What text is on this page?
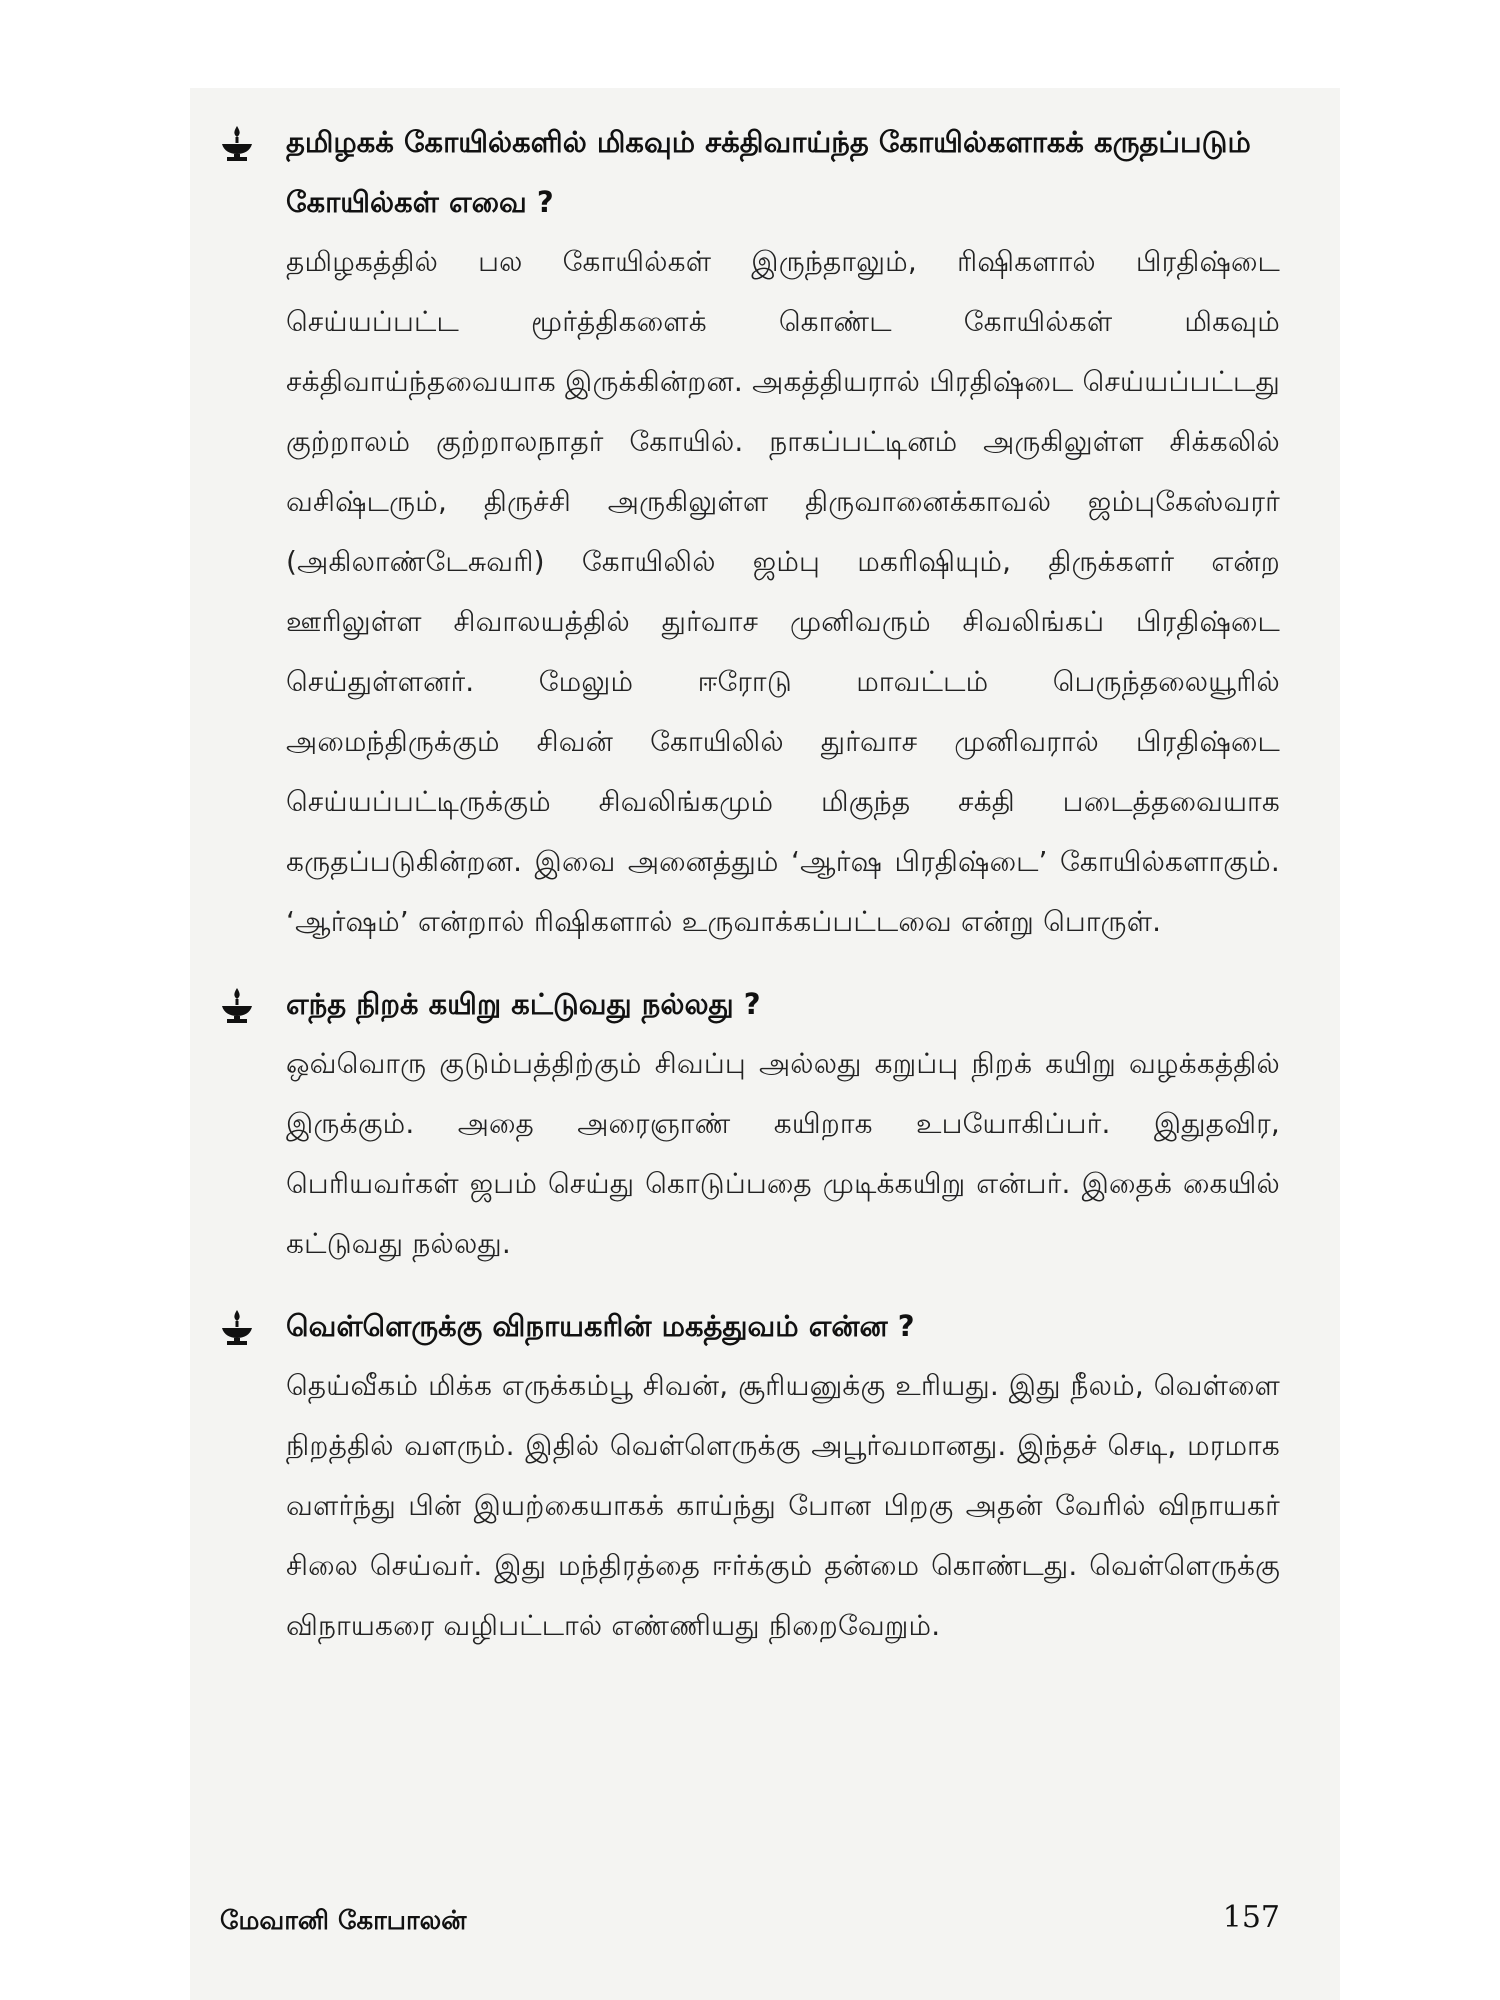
தமிழகக் கோயில்களில் மிகவும் சக்திவாய்ந்த கோயில்களாகக் கருதப்படும் கோயில்கள் எவை ?

தமிழகத்தில் பல கோயில்கள் இருந்தாலும், ரிஷிகளால் பிரதிஷ்டை செய்யப்பட்ட மூர்த்திகளைக் கொண்ட கோயில்கள் மிகவும் சக்திவாய்ந்தவையாக இருக்கின்றன. அகத்தியரால் பிரதிஷ்டை செய்யப்பட்டது குற்றாலம் குற்றாலநாதர் கோயில். நாகப்பட்டினம் அருகிலுள்ள சிக்கலில் வசிஷ்டரும், திருச்சி அருகிலுள்ள திருவானைக்காவல் ஜம்புகேஸ்வரர் (அகிலாண்டேசுவரி) கோயிலில் ஜம்பு மகரிஷியும், திருக்களர் என்ற ஊரிலுள்ள சிவாலயத்தில் துர்வாச முனிவரும் சிவலிங்கப் பிரதிஷ்டை செய்துள்ளனர். மேலும் ஈரோடு மாவட்டம் பெருந்தலையூரில் அமைந்திருக்கும் சிவன் கோயிலில் துர்வாச முனிவரால் பிரதிஷ்டை செய்யப்பட்டிருக்கும் சிவலிங்கமும் மிகுந்த சக்தி படைத்தவையாக கருதப்படுகின்றன. இவை அனைத்தும் ‘ஆர்ஷ பிரதிஷ்டை’ கோயில்களாகும். ‘ஆர்ஷம்’ என்றால் ரிஷிகளால் உருவாக்கப்பட்டவை என்று பொருள்.

எந்த நிறக் கயிறு கட்டுவது நல்லது ?

ஒவ்வொரு குடும்பத்திற்கும் சிவப்பு அல்லது கறுப்பு நிறக் கயிறு வழக்கத்தில் இருக்கும். அதை அரைஞாண் கயிறாக உபயோகிப்பர். இதுதவிர, பெரியவர்கள் ஜபம் செய்து கொடுப்பதை முடிக்கயிறு என்பர். இதைக் கையில் கட்டுவது நல்லது.

வெள்ளெருக்கு விநாயகரின் மகத்துவம் என்ன ?

தெய்வீகம் மிக்க எருக்கம்பூ சிவன், சூரியனுக்கு உரியது. இது நீலம், வெள்ளை நிறத்தில் வளரும். இதில் வெள்ளெருக்கு அபூர்வமானது. இந்தச் செடி, மரமாக வளர்ந்து பின் இயற்கையாகக் காய்ந்து போன பிறகு அதன் வேரில் விநாயகர் சிலை செய்வர். இது மந்திரத்தை ஈர்க்கும் தன்மை கொண்டது. வெள்ளெருக்கு விநாயகரை வழிபட்டால் எண்ணியது நிறைவேறும்.

மேவானி கோபாலன்	157
